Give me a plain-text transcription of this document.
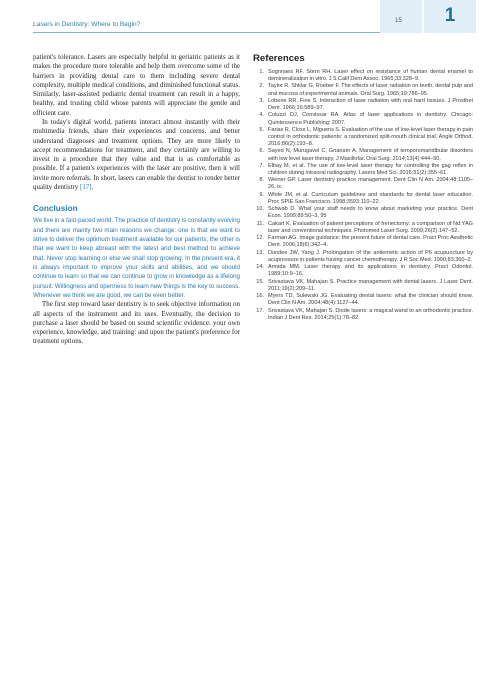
Lasers in Dentistry: Where to Begin?
15	1

patient's tolerance. Lasers are especially helpful in geriatric patients as it makes the procedure more tolerable and help them overcome some of the barriers in providing dental care to them including severe dental complexity, multiple medical conditions, and diminished functional status. Similarly, laser-assisted pediatric dental treatment can result in a happy, healthy, and trusting child whose parents will appreciate the gentle and efficient care.

In today's digital world, patients interact almost instantly with their multimedia friends, share their experiences and concerns, and better understand diagnoses and treatment options. They are more likely to accept recommendations for treatment, and they certainly are willing to invest in a procedure that they value and that is as comfortable as possible. If a patient's experiences with the laser are positive, then it will invite more referrals. In short, lasers can enable the dentist to render better quality dentistry [17].

Conclusion

We live in a fast-paced world. The practice of dentistry is constantly evolving and there are mainly two main reasons we change: one is that we want to strive to deliver the optimum treatment available for our patients; the other is that we want to keep abreast with the latest and best method to achieve that. Never stop learning or else we shall stop growing. In the present era, it is always important to improve your skills and abilities, and we should continue to learn so that we can continue to grow in knowledge as a lifelong pursuit. Willingness and openness to learn new things is the key to success. Whenever we think we are good, we can be even better.

The first step toward laser dentistry is to seek objective information on all aspects of the instrument and its uses. Eventually, the decision to purchase a laser should be based on sound scientific evidence: your own experience, knowledge, and training: and upon the patient's preference for treatment options.

References
1. Sognnaes RF, Stern RH. Laser effect on resistance of human dental enamel to demineralization in vitro. J S Calif Dent Assoc. 1965;33:328–9.
2. Taylor R, Shklar G, Roeber F. The effects of laser radiation on teeth, dental pulp and oral mucosa of experimental animals. Oral Surg. 1965;19:786–95.
3. Lobene RR, Fine S. Interaction of laser radiation with oral hard tissues. J Prosthet Dent. 1966;16:589–97.
4. Coluzzi DJ, Convissar RA. Atlas of laser applications in dentistry. Chicago: Quintessence Publishing; 2007.
5. Farias R, Closs L, Miguens S. Evaluation of the use of low-level laser therapy in pain control in orthodontic patients: a randomized split-mouth clinical trial. Angle Orthod. 2016;86(2):193–8.
6. Sayed N, Murugavel C, Gnanam A. Management of temporomandibular disorders with low level laser therapy. J Maxillofac Oral Surg. 2014;13(4):444–50.
7. Elbay M, et al. The use of low-level laser therapy for controlling the gag reflex in children during intraoral radiography. Lasers Med Sci. 2016;31(2):355–61.
8. Weiner GP. Laser dentistry practice management. Dent Clin N Am. 2004;48:1105–26. ix.
9. White JM, et al. Curriculum guidelines and standards for dental laser education. Proc SPIE San Francisco. 1998;3593:110–22.
10. Schwab D. What your staff needs to know about marketing your practice. Dent Econ. 1999;89:50–3. 95
11. Cakart K. Evaluation of patient perceptions of frenectomy: a comparison of Nd:YAG laser and conventional techniques. Photomed Laser Surg. 2009;26(2):147–52.
12. Farman AG. Image guidance: the present future of dental care. Pract Proc Aesthetic Dent. 2006;18(6):342–4.
13. Dundee JW, Yang J. Prolongation of the antiemetic action of P6 acupuncture by acupressure in patients having cancer chemotherapy. J R Soc Med. 1990;83:360–2.
14. Armida MM. Laser therapy and its applications in dentistry. Pract Odontol. 1989;10:9–16.
15. Srivastava VK, Mahajan S. Practice management with dental lasers. J Laser Dent. 2011;19(2):209–11.
16. Myers TD, Sulewski JG. Evaluating dental lasers: what the clinician should know. Dent Clin N Am. 2004;48(4):1127–44.
17. Srivastava VK, Mahajan S. Diode lasers: a magical wand to an orthodontic practice. Indian J Dent Res. 2014;25(1):78–82.
